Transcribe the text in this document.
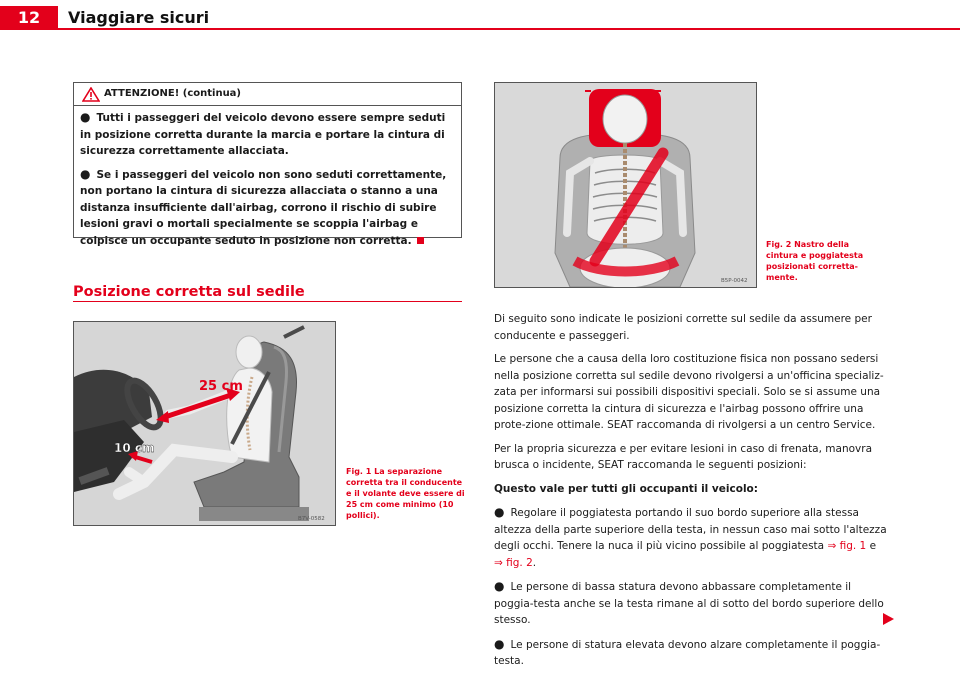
12	Viaggiare sicuri
ATTENZIONE! (continua)

● Tutti i passeggeri del veicolo devono essere sempre seduti in posizione corretta durante la marcia e portare la cintura di sicurezza correttamente allacciata.

● Se i passeggeri del veicolo non sono seduti correttamente, non portano la cintura di sicurezza allacciata o stanno a una distanza insufficiente dall'airbag, corrono il rischio di subire lesioni gravi o mortali specialmente se scoppia l'airbag e colpisce un occupante seduto in posizione non corretta.

Posizione corretta sul sedile
25 cm
10 cm
B7V-0582
Fig. 1 La separazione corretta tra il conducente e il volante deve essere di 25 cm come minimo (10 pollici).
B5P-0042
Fig. 2 Nastro della cintura e poggiatesta posizionati corretta-mente.

Di seguito sono indicate le posizioni corrette sul sedile da assumere per conducente e passeggeri.

Le persone che a causa della loro costituzione fisica non possano sedersi nella posizione corretta sul sedile devono rivolgersi a un'officina specializ-zata per informarsi sui possibili dispositivi speciali. Solo se si assume una posizione corretta la cintura di sicurezza e l'airbag possono offrire una prote-zione ottimale. SEAT raccomanda di rivolgersi a un centro Service.

Per la propria sicurezza e per evitare lesioni in caso di frenata, manovra brusca o incidente, SEAT raccomanda le seguenti posizioni:

Questo vale per tutti gli occupanti il veicolo:

● Regolare il poggiatesta portando il suo bordo superiore alla stessa altezza della parte superiore della testa, in nessun caso mai sotto l'altezza degli occhi. Tenere la nuca il più vicino possibile al poggiatesta ⇒ fig. 1 e ⇒ fig. 2.

● Le persone di bassa statura devono abbassare completamente il poggia-testa anche se la testa rimane al di sotto del bordo superiore dello stesso.

● Le persone di statura elevata devono alzare completamente il poggia-testa.
